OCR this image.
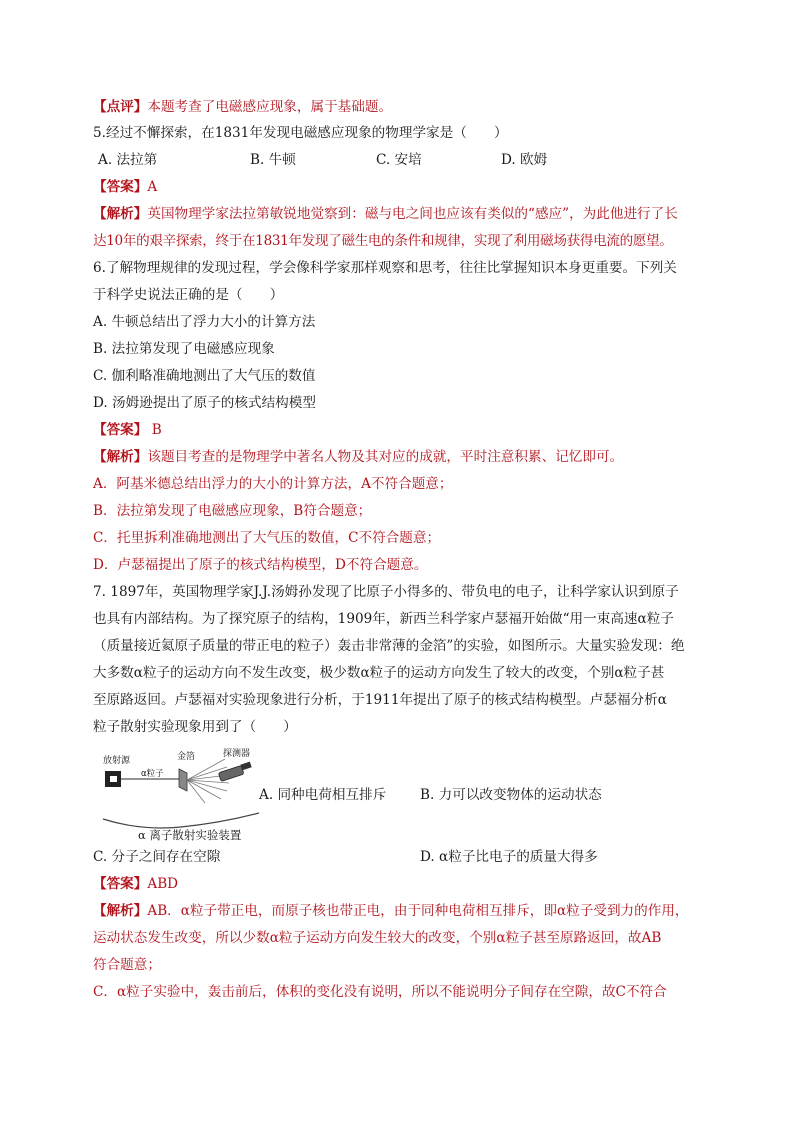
【点评】本题考查了电磁感应现象，属于基础题。
5.经过不懈探索，在1831年发现电磁感应现象的物理学家是（　　）
A. 法拉第	B. 牛顿	C. 安培	D. 欧姆
【答案】A
【解析】英国物理学家法拉第敏锐地觉察到：磁与电之间也应该有类似的“感应”，为此他进行了长
达10年的艰辛探索，终于在1831年发现了磁生电的条件和规律，实现了利用磁场获得电流的愿望。
6.了解物理规律的发现过程，学会像科学家那样观察和思考，往往比掌握知识本身更重要。下列关
于科学史说法正确的是（　　）
A. 牛顿总结出了浮力大小的计算方法
B. 法拉第发现了电磁感应现象
C. 伽利略准确地测出了大气压的数值
D. 汤姆逊提出了原子的核式结构模型
【答案】 B
【解析】该题目考查的是物理学中著名人物及其对应的成就，平时注意积累、记忆即可。
A．阿基米德总结出浮力的大小的计算方法，A不符合题意；
B．法拉第发现了电磁感应现象，B符合题意；
C．托里拆利准确地测出了大气压的数值，C不符合题意；
D．卢瑟福提出了原子的核式结构模型，D不符合题意。
7. 1897年，英国物理学家J.J.汤姆孙发现了比原子小得多的、带负电的电子，让科学家认识到原子
也具有内部结构。为了探究原子的结构，1909年，新西兰科学家卢瑟福开始做“用一束高速α粒子
（质量接近氦原子质量的带正电的粒子）轰击非常薄的金箔”的实验，如图所示。大量实验发现：绝
大多数α粒子的运动方向不发生改变，极少数α粒子的运动方向发生了较大的改变，个别α粒子甚
至原路返回。卢瑟福对实验现象进行分析，于1911年提出了原子的核式结构模型。卢瑟福分析α
粒子散射实验现象用到了（　　）
放射源
α粒子
金箔	探测器
α 离子散射实验装置
A. 同种电荷相互排斥 B. 力可以改变物体的运动状态
C. 分子之间存在空隙	D. α粒子比电子的质量大得多
【答案】ABD
【解析】AB．α粒子带正电，而原子核也带正电，由于同种电荷相互排斥，即α粒子受到力的作用，
运动状态发生改变，所以少数α粒子运动方向发生较大的改变，个别α粒子甚至原路返回，故AB
符合题意；
C．α粒子实验中，轰击前后，体积的变化没有说明，所以不能说明分子间存在空隙，故C不符合
